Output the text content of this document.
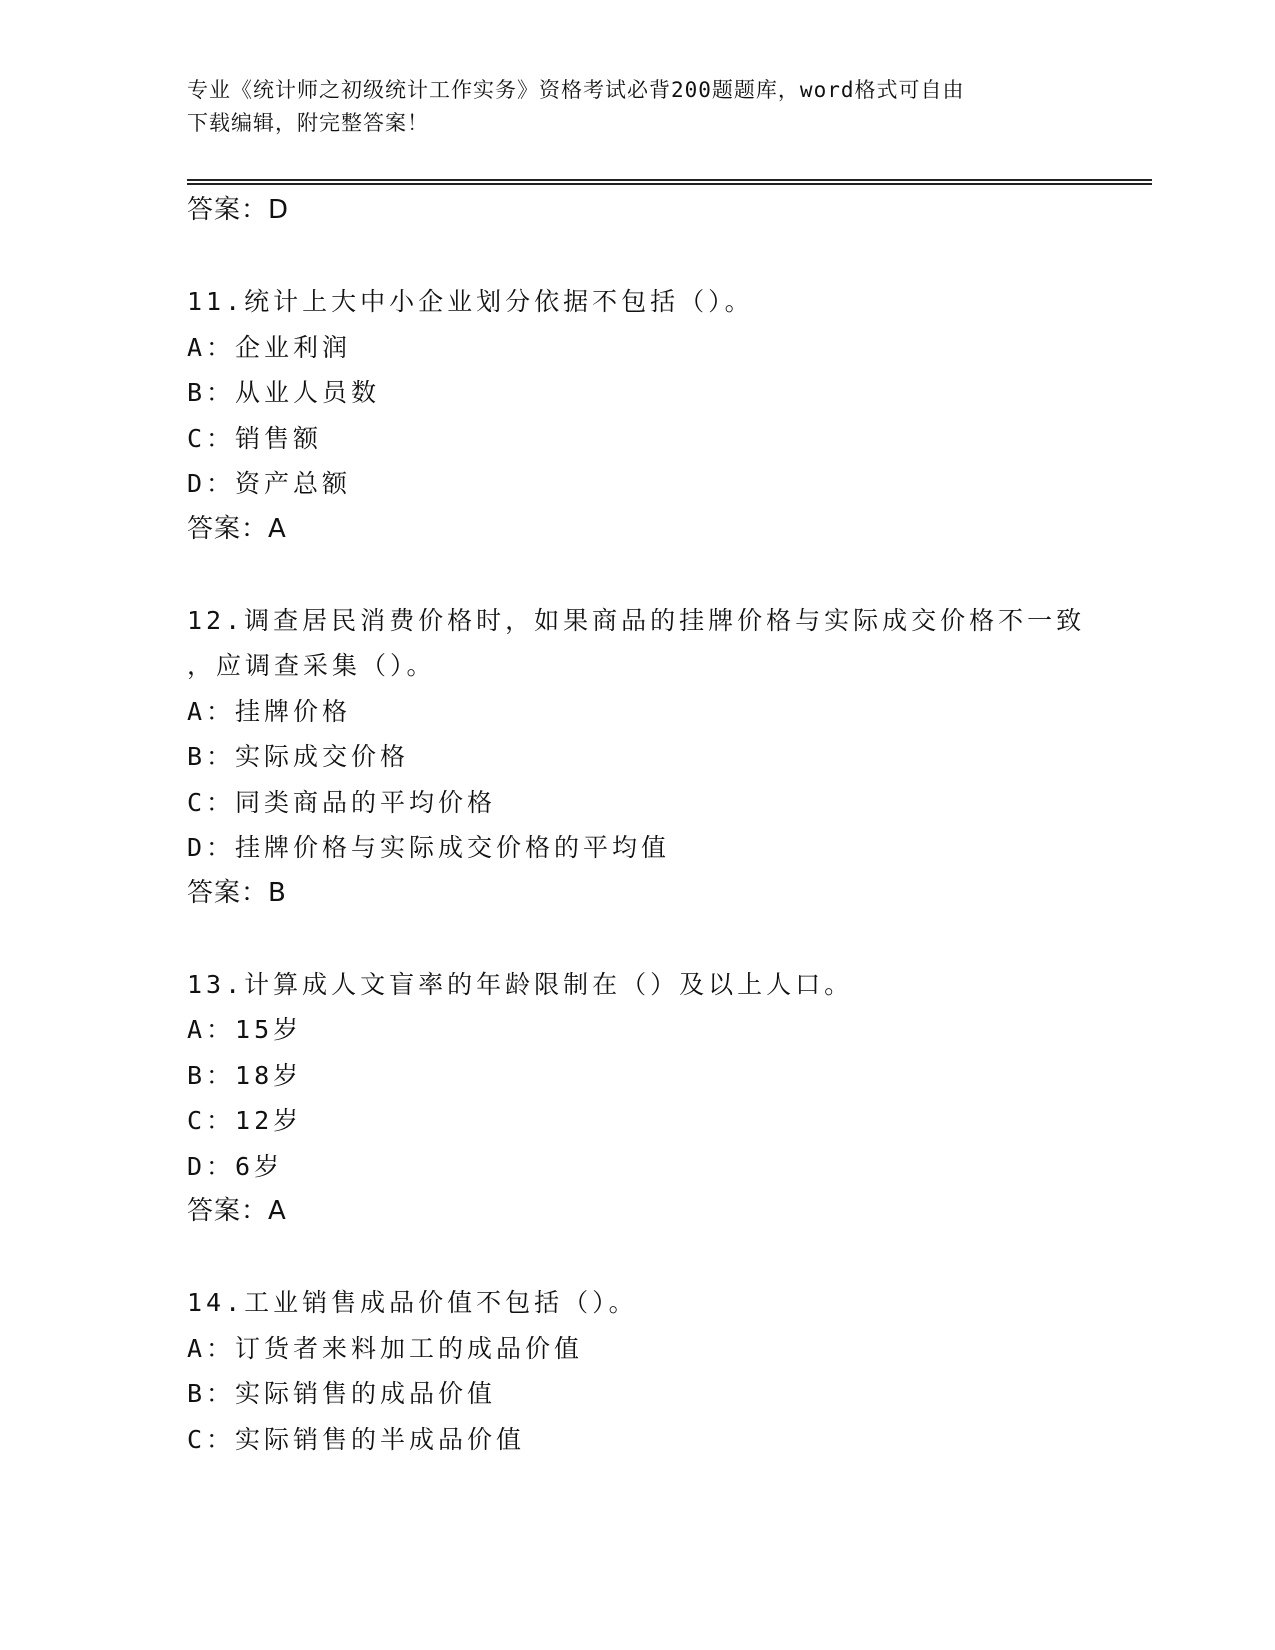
专业《统计师之初级统计工作实务》资格考试必背200题题库，word格式可自由
下载编辑，附完整答案！
答案：D
11.统计上大中小企业划分依据不包括（）。
A：企业利润
B：从业人员数
C：销售额
D：资产总额
答案：A
12.调查居民消费价格时，如果商品的挂牌价格与实际成交价格不一致
，应调查采集（）。
A：挂牌价格
B：实际成交价格
C：同类商品的平均价格
D：挂牌价格与实际成交价格的平均值
答案：B
13.计算成人文盲率的年龄限制在（）及以上人口。
A：15岁
B：18岁
C：12岁
D：6岁
答案：A
14.工业销售成品价值不包括（）。
A：订货者来料加工的成品价值
B：实际销售的成品价值
C：实际销售的半成品价值
